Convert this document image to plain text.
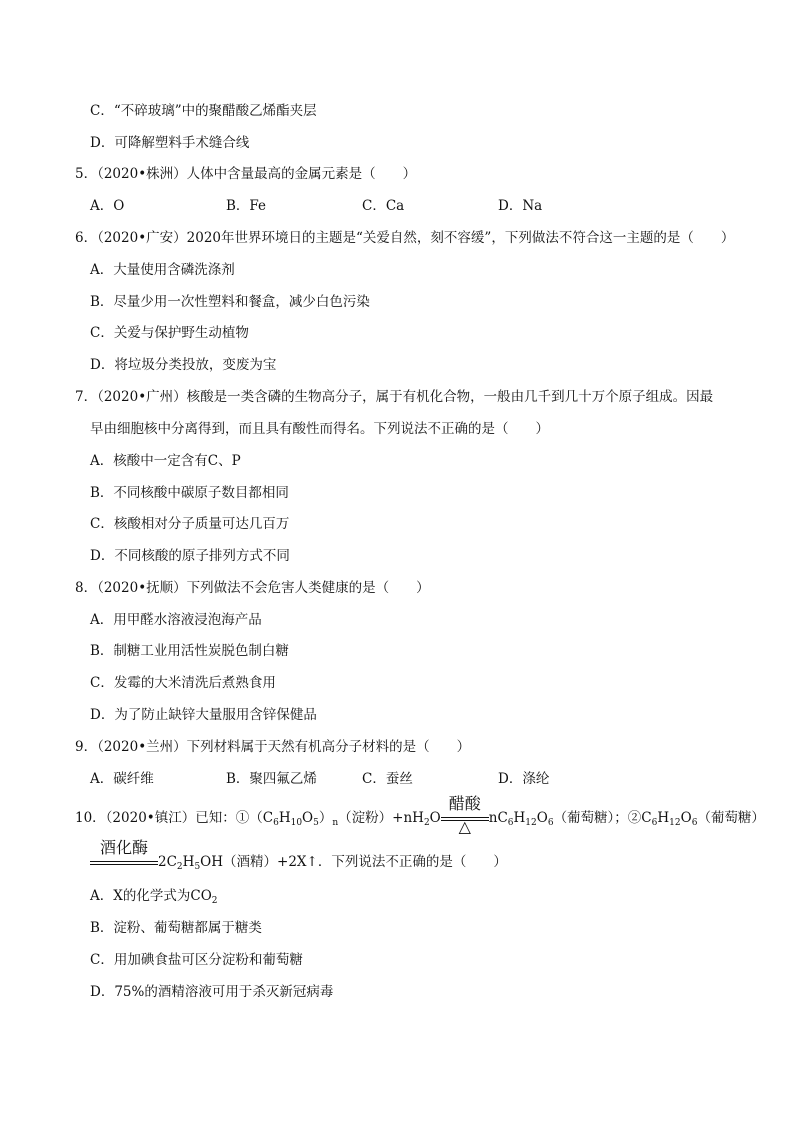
C．“不碎玻璃”中的聚醋酸乙烯酯夹层
D．可降解塑料手术缝合线
5．（2020•株洲）人体中含量最高的金属元素是（　　）
A．O	B．Fe	C．Ca	D．Na
6．（2020•广安）2020年世界环境日的主题是“关爱自然，刻不容缓”，下列做法不符合这一主题的是（　　）
A．大量使用含磷洗涤剂
B．尽量少用一次性塑料和餐盒，减少白色污染
C．关爱与保护野生动植物
D．将垃圾分类投放，变废为宝
7．（2020•广州）核酸是一类含磷的生物高分子，属于有机化合物，一般由几千到几十万个原子组成。因最
早由细胞核中分离得到，而且具有酸性而得名。下列说法不正确的是（　　）
A．核酸中一定含有C、P
B．不同核酸中碳原子数目都相同
C．核酸相对分子质量可达几百万
D．不同核酸的原子排列方式不同
8．（2020•抚顺）下列做法不会危害人类健康的是（　　）
A．用甲醛水溶液浸泡海产品
B．制糖工业用活性炭脱色制白糖
C．发霉的大米清洗后煮熟食用
D．为了防止缺锌大量服用含锌保健品
9．（2020•兰州）下列材料属于天然有机高分子材料的是（　　）
A．碳纤维	B．聚四氟乙烯	C．蚕丝	D．涤纶
10．（2020•镇江）已知：$①(C_6H_{10}O_5)_n$（淀粉）$+nH_2O$
醋酸
△	$nC_6H_{12}O_6$（葡萄糖）；$②C_6H_{12}O_6$（葡萄糖）
酒化酶
$2C_2H_5OH$（酒精）+2X↑．下列说法不正确的是（　　）
A．X的化学式为$CO_2$
B．淀粉、葡萄糖都属于糖类
C．用加碘食盐可区分淀粉和葡萄糖
D．75%的酒精溶液可用于杀灭新冠病毒
